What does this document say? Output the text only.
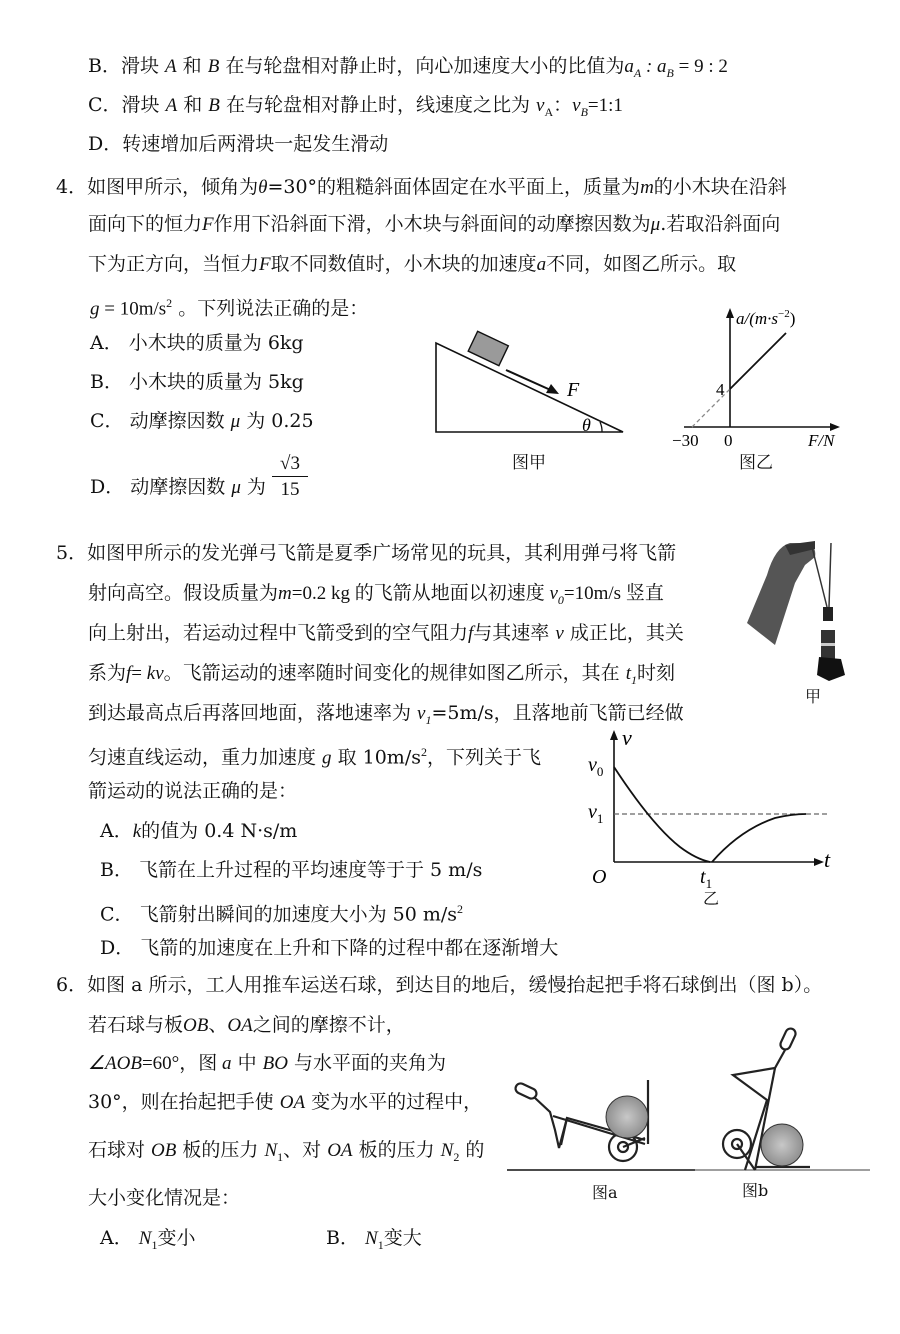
B．滑块 A 和 B 在与轮盘相对静止时，向心加速度大小的比值为$a_A$ : $a_B = 9$ : 2
C．滑块 A 和 B 在与轮盘相对静止时，线速度之比为 $v_A$：$v_B=1:1$
D．转速增加后两滑块一起发生滑动
4．如图甲所示，倾角为θ=30°的粗糙斜面体固定在水平面上，质量为m的小木块在沿斜
面向下的恒力F作用下沿斜面下滑，小木块与斜面间的动摩擦因数为μ.若取沿斜面向
下为正方向，当恒力F取不同数值时，小木块的加速度a不同，如图乙所示。取
$g = 10m/s^2$ 。下列说法正确的是：
A． 小木块的质量为 6kg
B． 小木块的质量为 5kg
C． 动摩擦因数 μ 为 0.25
D． 动摩擦因数 μ 为 $\frac{√3}{15}$
F
θ
图甲
$a/(m\cdot s^{-2})$
4
−30 0	F/N
图乙
5．如图甲所示的发光弹弓飞箭是夏季广场常见的玩具，其利用弹弓将飞箭
射向高空。假设质量为m=0.2 kg 的飞箭从地面以初速度 $v_0=10m/s$ 竖直
向上射出，若运动过程中飞箭受到的空气阻力f与其速率 v 成正比，其关
系为f= kv。飞箭运动的速率随时间变化的规律如图乙所示，其在 $t_1$时刻
到达最高点后再落回地面，落地速率为 $v_1=5m/s$，且落地前飞箭已经做
匀速直线运动，重力加速度 g 取 $10m/s^2$，下列关于飞
箭运动的说法正确的是：
A．k的值为 0.4 N·s/m
B． 飞箭在上升过程的平均速度等于于 5 m/s
C． 飞箭射出瞬间的加速度大小为 50 $m/s^2$
D． 飞箭的加速度在上升和下降的过程中都在逐渐增大
甲
v
$v_0$
$v_1$
O	$t_1$
t
乙
6．如图 a 所示，工人用推车运送石球，到达目的地后，缓慢抬起把手将石球倒出（图 b）。
若石球与板OB、OA之间的摩擦不计，
∠AOB=60°，图 a 中 BO 与水平面的夹角为
30°，则在抬起把手使 OA 变为水平的过程中，
石球对 OB 板的压力 $N_1$、对 OA 板的压力 $N_2$ 的
大小变化情况是：
A． $N_1$变小	B． $N_1$变大
图a	图b
